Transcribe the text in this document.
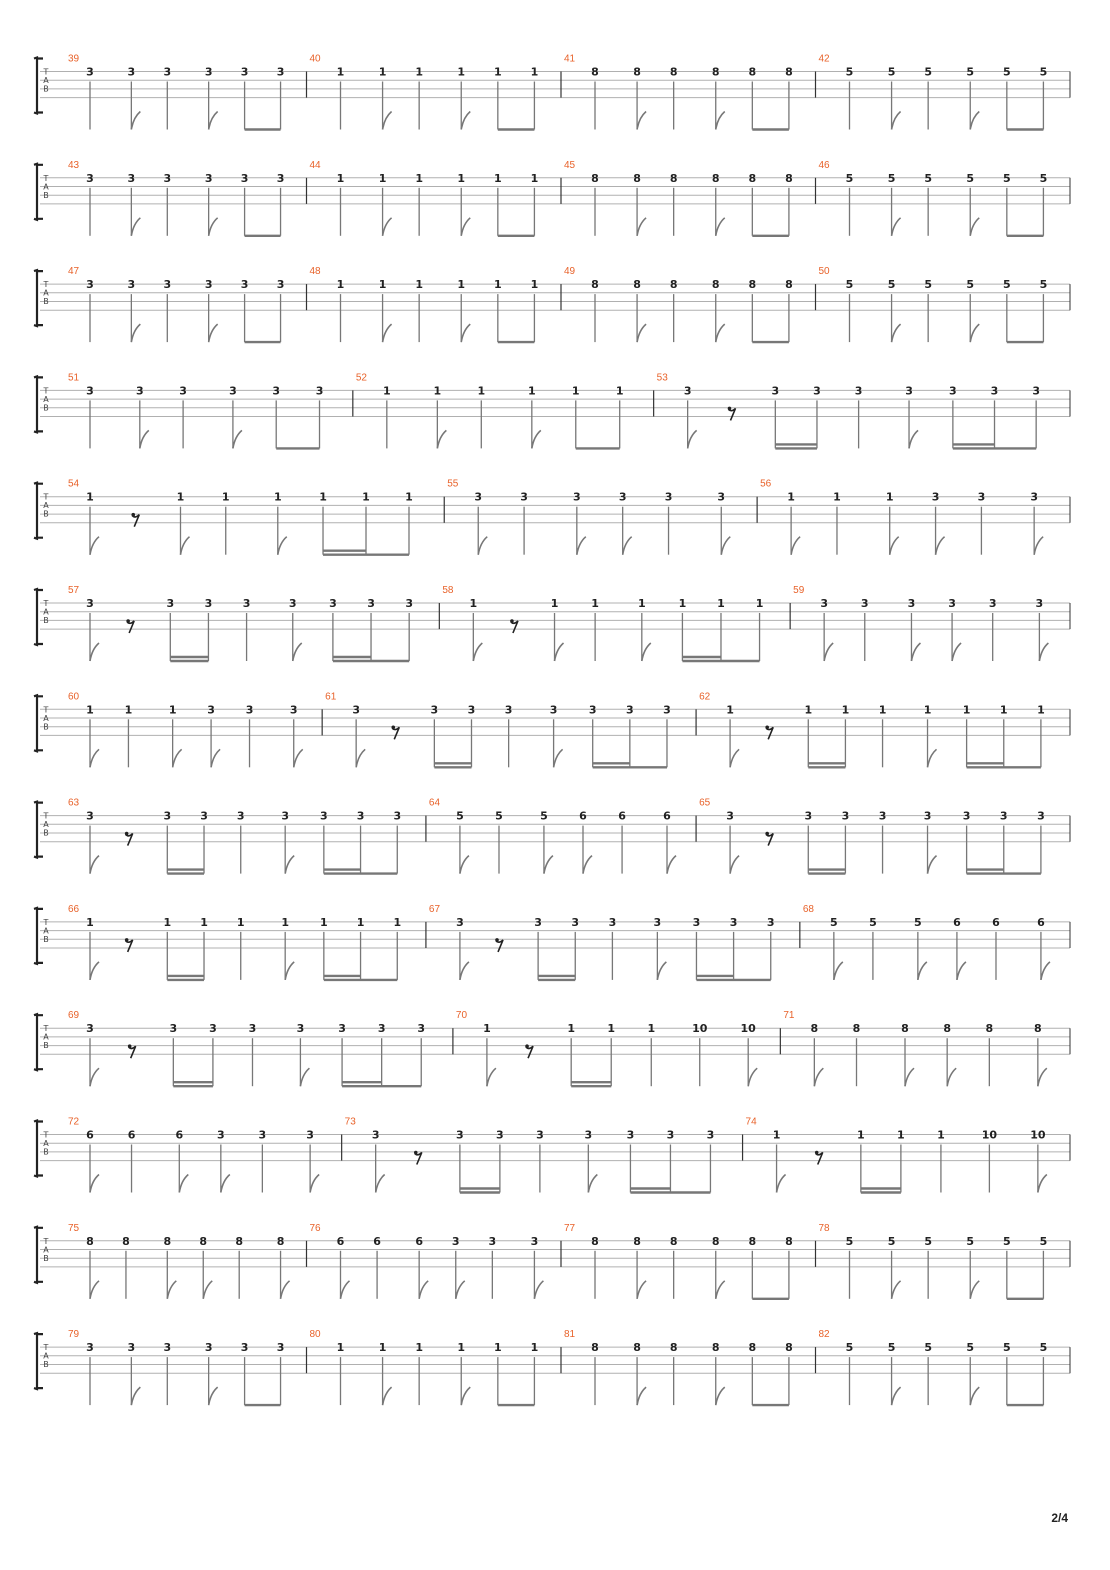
T
A
B
39
3	3	3	3	3	3
40
1	1	1	1	1	1
41
8	8	8	8	8	8
42
5	5	5	5	5	5
T
A
B
43
3	3	3	3	3	3
44
1	1	1	1	1	1
45
8	8	8	8	8	8
46
5	5	5	5	5	5
T
A
B
47
3	3	3	3	3	3
48
1	1	1	1	1	1
49
8	8	8	8	8	8
50
5	5	5	5	5	5
T
A
B
51
3	3	3	3	3	3
52
1	1	1	1	1	1
53
3	3	3	3	3	3	3	3
T
A
B
54
1	1	1	1	1	1	1
55
3	3	3	3	3	3
56
1	1	1	3	3	3
T
A
B
57
3	3	3	3	3	3	3	3
58
1	1	1	1	1	1	1
59
3	3	3	3	3	3
T
A
B
60
1	1	1	3	3	3
61
3	3	3	3	3	3	3	3
62
1	1	1	1	1	1	1	1
T
A
B
63
3	3	3	3	3	3	3	3
64
5	5	5	6	6	6
65
3	3	3	3	3	3	3	3
T
A
B
66
1	1	1	1	1	1	1	1
67
3	3	3	3	3	3	3	3
68
5	5	5	6	6	6
T
A
B
69
3	3	3	3	3	3	3	3
70
1	1	1	1	10	10
71
8	8	8	8	8	8
T
A
B
72
6	6	6	3	3	3
73
3	3	3	3	3	3	3	3
74
1	1	1	1	10	10
T
A
B
75
8	8	8	8	8	8
76
6	6	6	3	3	3
77
8	8	8	8	8	8
78
5	5	5	5	5	5
T
A
B
79
3	3	3	3	3	3
80
1	1	1	1	1	1
81
8	8	8	8	8	8
82
5	5	5	5	5	5
2/4
